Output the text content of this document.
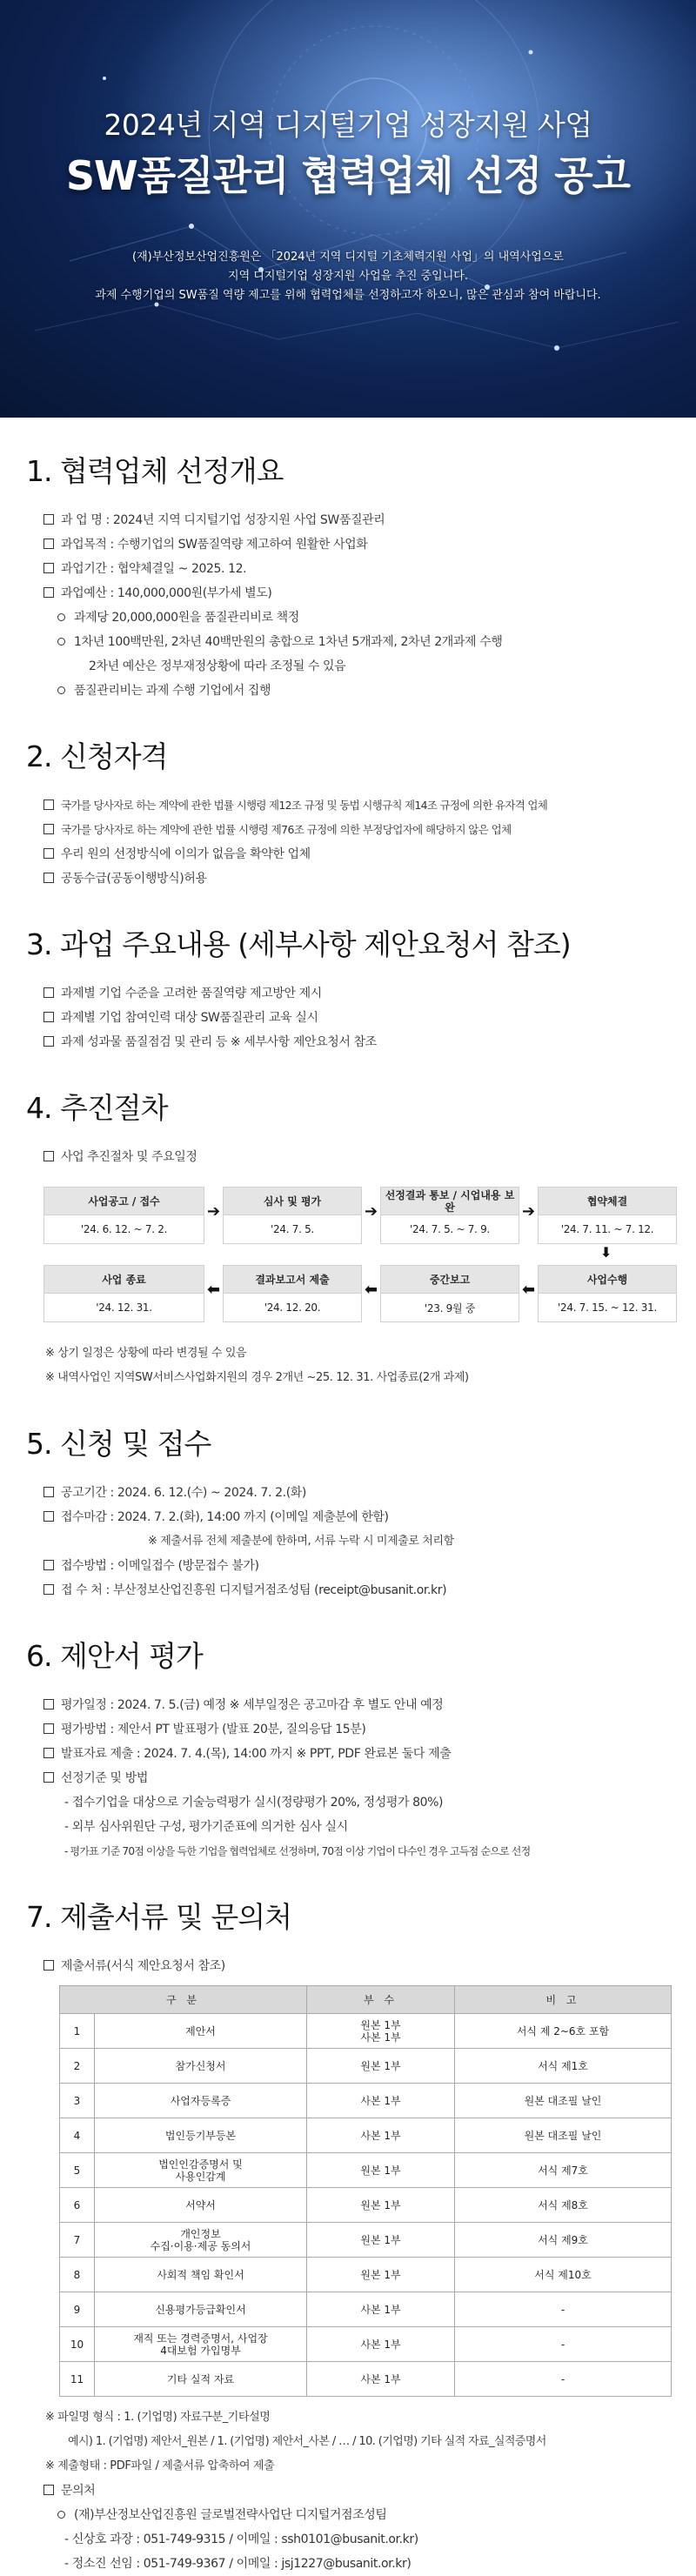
2024년 지역 디지털기업 성장지원 사업
SW품질관리 협력업체 선정 공고
(재)부산정보산업진흥원은 「2024년 지역 디지털 기초체력지원 사업」의 내역사업으로
지역 디지털기업 성장지원 사업을 추진 중입니다.
과제 수행기업의 SW품질 역량 제고를 위해 협력업체를 선정하고자 하오니, 많은 관심과 참여 바랍니다.
1. 협력업체 선정개요
과 업 명 : 2024년 지역 디지털기업 성장지원 사업 SW품질관리
과업목적 : 수행기업의 SW품질역량 제고하여 원활한 사업화
과업기간 : 협약체결일 ~ 2025. 12.
과업예산 : 140,000,000원(부가세 별도)
과제당 20,000,000원을 품질관리비로 책정
1차년 100백만원, 2차년 40백만원의 총합으로 1차년 5개과제, 2차년 2개과제 수행
2차년 예산은 정부재정상황에 따라 조정될 수 있음
품질관리비는 과제 수행 기업에서 집행
2. 신청자격
국가를 당사자로 하는 계약에 관한 법률 시행령 제12조 규정 및 동법 시행규칙 제14조 규정에 의한 유자격 업체
국가를 당사자로 하는 계약에 관한 법률 시행령 제76조 규정에 의한 부정당업자에 해당하지 않은 업체
우리 원의 선정방식에 이의가 없음을 확약한 업체
공동수급(공동이행방식)허용
3. 과업 주요내용 (세부사항 제안요청서 참조)
과제별 기업 수준을 고려한 품질역량 제고방안 제시
과제별 기업 참여인력 대상 SW품질관리 교육 실시
과제 성과물 품질점검 및 관리 등 ※ 세부사항 제안요청서 참조
4. 추진절차
사업 추진절차 및 주요일정
사업공고 / 접수
'24. 6. 12. ~ 7. 2.
➔
심사 및 평가
'24. 7. 5.
➔
선정결과 통보 / 시업내용 보완
'24. 7. 5. ~ 7. 9.
➔
협약체결
'24. 7. 11. ~ 7. 12.
⬇
사업수행
'24. 7. 15. ~ 12. 31.
⬅
중간보고
'23. 9월 중
⬅
결과보고서 제출
'24. 12. 20.
⬅
사업 종료
'24. 12. 31.
※ 상기 일정은 상황에 따라 변경될 수 있음
※ 내역사업인 지역SW서비스사업화지원의 경우 2개년 ~25. 12. 31. 사업종료(2개 과제)
5. 신청 및 접수
공고기간 : 2024. 6. 12.(수) ~ 2024. 7. 2.(화)
접수마감 : 2024. 7. 2.(화), 14:00 까지 (이메일 제출분에 한함)
※ 제출서류 전체 제출분에 한하며, 서류 누락 시 미제출로 처리함
접수방법 : 이메일접수 (방문접수 불가)
접 수 처 : 부산정보산업진흥원 디지털거점조성팀 (receipt@busanit.or.kr)
6. 제안서 평가
평가일정 : 2024. 7. 5.(금) 예정 ※ 세부일정은 공고마감 후 별도 안내 예정
평가방법 : 제안서 PT 발표평가 (발표 20분, 질의응답 15분)
발표자료 제출 : 2024. 7. 4.(목), 14:00 까지 ※ PPT, PDF 완료본 둘다 제출
선정기준 및 방법
- 접수기업을 대상으로 기술능력평가 실시(정량평가 20%, 정성평가 80%)
- 외부 심사위원단 구성, 평가기준표에 의거한 심사 실시
- 평가표 기준 70점 이상을 득한 기업을 협력업체로 선정하며, 70점 이상 기업이 다수인 경우 고득점 순으로 선정
7. 제출서류 및 문의처
제출서류(서식 제안요청서 참조)
구 분		부 수	비 고
1	제안서	원본 1부
사본 1부	서식 제 2~6호 포함
2	참가신청서	원본 1부	서식 제1호
3	사업자등록증	사본 1부	원본 대조필 날인
4	법인등기부등본	사본 1부	원본 대조필 날인
5	법인인감증명서 및
사용인감계	원본 1부	서식 제7호
6	서약서	원본 1부	서식 제8호
7	개인정보
수집·이용·제공 동의서	원본 1부	서식 제9호
8	사회적 책임 확인서	원본 1부	서식 제10호
9	신용평가등급확인서	사본 1부	-
10	재직 또는 경력증명서, 사업장
4대보험 가입명부	사본 1부	-
11	기타 실적 자료	사본 1부	-
※ 파일명 형식 : 1. (기업명) 자료구분_기타설명
예시) 1. (기업명) 제안서_원본 / 1. (기업명) 제안서_사본 / … / 10. (기업명) 기타 실적 자료_실적증명서
※ 제출형태 : PDF파일 / 제출서류 압축하여 제출
문의처
(재)부산정보산업진흥원 글로벌전략사업단 디지털거점조성팀
- 신상호 과장 : 051-749-9315 / 이메일 : ssh0101@busanit.or.kr)
- 정소진 선임 : 051-749-9367 / 이메일 : jsj1227@busanit.or.kr)
